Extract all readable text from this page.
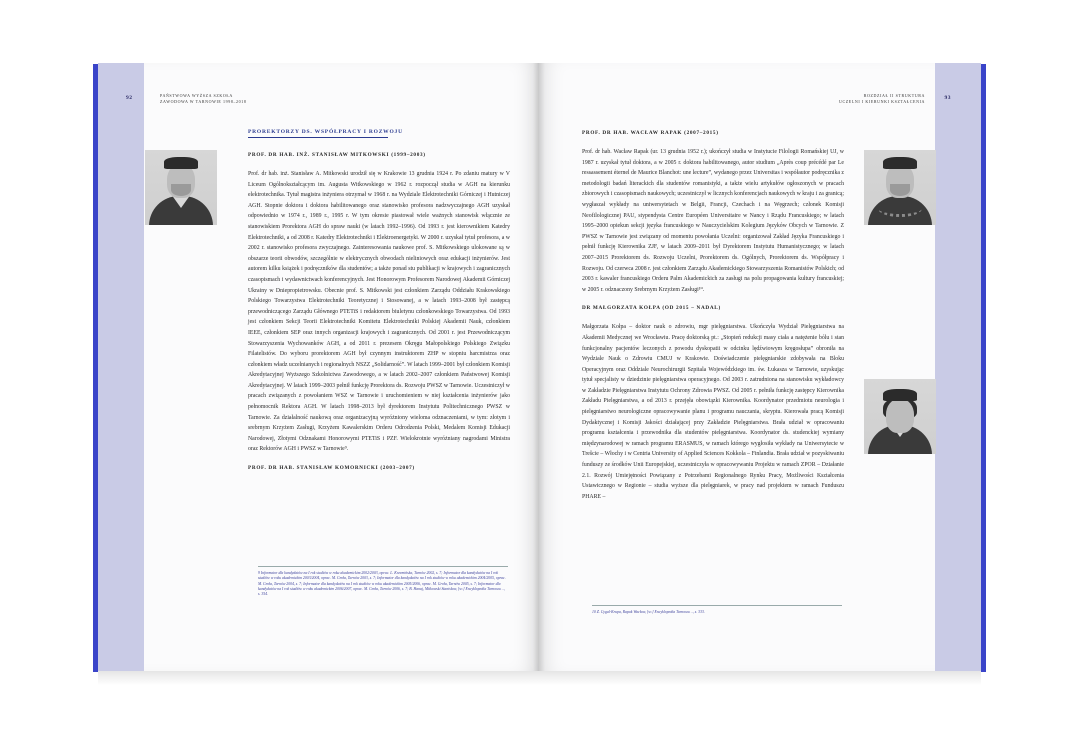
92	PAŃSTWOWA WYŻSZA SZKOŁA
ZAWODOWA W TARNOWIE 1998–2018
PROREKTORZY DS. WSPÓŁPRACY I ROZWOJU
PROF. DR HAB. INŻ. STANISŁAW MITKOWSKI (1999–2003)

Prof. dr hab. inż. Stanisław A. Mitkowski urodził się w Krakowie 13 grudnia 1924 r. Po zdaniu matury w V Liceum Ogólnokształcącym im. Augusta Witkowskiego w 1962 r. rozpoczął studia w AGH na kierunku elektrotechnika. Tytuł magistra inżyniera otrzymał w 1968 r. na Wydziale Elektrotechniki Górniczej i Hutniczej AGH. Stopnie doktora i doktora habilitowanego oraz stanowisko profesora nadzwyczajnego AGH uzyskał odpowiednio w 1974 r., 1989 r., 1995 r. W tym okresie piastował wiele ważnych stanowisk włącznie ze stanowiskiem Prorektora AGH do spraw nauki (w latach 1992–1996). Od 1993 r. jest kierownikiem Katedry Elektrotechniki, a od 2008 r. Katedry Elektrotechniki i Elektroenergetyki. W 2000 r. uzyskał tytuł profesora, a w 2002 r. stanowisko profesora zwyczajnego. Zainteresowania naukowe prof. S. Mitkowskiego ulokowane są w obszarze teorii obwodów, szczególnie w elektrycznych obwodach nieliniowych oraz edukacji inżynierów. Jest autorem kilku książek i podręczników dla studentów; a także ponad stu publikacji w krajowych i zagranicznych czasopismach i wydawnictwach konferencyjnych. Jest Honorowym Profesorem Narodowej Akademii Górniczej Ukrainy w Dniepropietrowsku. Obecnie prof. S. Mitkowski jest członkiem Zarządu Oddziału Krakowskiego Polskiego Towarzystwa Elektrotechniki Teoretycznej i Stosowanej, a w latach 1993–2008 był zastępcą przewodniczącego Zarządu Głównego PTETiS i redaktorem biuletynu członkowskiego Towarzystwa. Od 1993 jest członkiem Sekcji Teorii Elektrotechniki Komitetu Elektrotechniki Polskiej Akademii Nauk, członkiem IEEE, członkiem SEP oraz innych organizacji krajowych i zagranicznych. Od 2001 r. jest Przewodniczącym Stowarzyszenia Wychowanków AGH, a od 2011 r. prezesem Okręgu Małopolskiego Polskiego Związku Filatelistów. Do wyboru prorektorem AGH był czynnym instruktorem ZHP w stopniu harcmistrza oraz członkiem władz uczelnianych i regionalnych NSZZ „Solidarność”. W latach 1999–2001 był członkiem Komisji Akredytacyjnej Wyższego Szkolnictwa Zawodowego, a w latach 2002–2007 członkiem Państwowej Komisji Akredytacyjnej. W latach 1999–2003 pełnił funkcję Prorektora ds. Rozwoju PWSZ w Tarnowie. Uczestniczył w pracach związanych z powołaniem WSZ w Tarnowie i uruchomieniem w niej kształcenia inżynierów jako pełnomocnik Rektora AGH. W latach 1998–2013 był dyrektorem Instytutu Politechnicznego PWSZ w Tarnowie. Za działalność naukową oraz organizacyjną wyróżniony wieloma odznaczeniami, w tym: złotym i srebrnym Krzyżem Zasługi, Krzyżem Kawalerskim Orderu Odrodzenia Polski, Medalem Komisji Edukacji Narodowej, Złotymi Odznakami Honorowymi PTETiS i PZF. Wielokrotnie wyróżniany nagrodami Ministra oraz Rektorów AGH i PWSZ w Tarnowie⁹.

PROF. DR HAB. STANISŁAW KOMORNICKI (2003–2007)
9 Informator dla kandydatów na I rok studiów w roku akademickim 2002/2003, oprac. L. Krzemińska, Tarnów 2002, s. 7; Informator dla kandydatów na I rok studiów w roku akademickim 2003/2004, oprac. M. Groła, Tarnów 2003, s. 7; Informator dla kandydatów na I rok studiów w roku akademickim 2004/2005, oprac. M. Groła, Tarnów 2004, s. 7; Informator dla kandydatów na I rok studiów w roku akademickim 2005/2006, oprac. M. Groła, Tarnów 2005, s. 7; Informator dla kandydatów na I rok studiów w roku akademickim 2006/2007, oprac. M. Groła, Tarnów 2006, s. 7; B. Hanaj, Mitkowski Stanisław, [w:] Encyklopedia Tarnowa…, s. 354.
93
ROZDZIAŁ II STRUKTURA
UCZELNI I KIERUNKI KSZTAŁCENIA
PROF. DR HAB. WACŁAW RAPAK (2007–2015)

Prof. dr hab. Wacław Rapak (ur. 13 grudnia 1952 r.); ukończył studia w Instytucie Filologii Romańskiej UJ, w 1987 r. uzyskał tytuł doktora, a w 2005 r. doktora habilitowanego, autor studium „Après coup précédé par Le ressassement éternel de Maurice Blanchot: une lecture”, wydanego przez Universitas i współautor podręcznika z metodologii badań literackich dla studentów romanistyki, a także wielu artykułów ogłoszonych w pracach zbiorowych i czasopismach naukowych; uczestniczył w licznych konferencjach naukowych w kraju i za granicą; wygłaszał wykłady na uniwersytetach w Belgii, Francji, Czechach i na Węgrzech; członek Komisji Neofilologicznej PAU, stypendysta Centre Européen Universitaire w Nancy i Rządu Francuskiego; w latach 1995–2000 opiekun sekcji języka francuskiego w Nauczycielskim Kolegium Języków Obcych w Tarnowie. Z PWSZ w Tarnowie jest związany od momentu powołania Uczelni: organizował Zakład Języka Francuskiego i pełnił funkcję Kierownika ZJF, w latach 2009–2011 był Dyrektorem Instytutu Humanistycznego; w latach 2007–2015 Prorektorem ds. Rozwoju Uczelni, Prorektorem ds. Ogólnych, Prorektorem ds. Współpracy i Rozwoju. Od czerwca 2008 r. jest członkiem Zarządu Akademickiego Stowarzyszenia Romanistów Polskich; od 2003 r. kawaler francuskiego Orderu Palm Akademickich za zasługi na polu propagowania kultury francuskiej; w 2005 r. odznaczony Srebrnym Krzyżem Zasługi¹⁰.

DR MAŁGORZATA KOŁPA (OD 2015 – NADAL)

Małgorzata Kołpa – doktor nauk o zdrowiu, mgr pielęgniarstwa. Ukończyła Wydział Pielęgniarstwa na Akademii Medycznej we Wrocławiu. Pracę doktorską pt.: „Stopień redukcji masy ciała a natężenie bólu i stan funkcjonalny pacjentów leczonych z powodu dyskopatii w odcinku lędźwiowym kręgosłupa” obroniła na Wydziale Nauk o Zdrowiu CMUJ w Krakowie. Doświadczenie pielęgniarskie zdobywała na Bloku Operacyjnym oraz Oddziale Neurochirurgii Szpitala Wojewódzkiego im. św. Łukasza w Tarnowie, uzyskując tytuł specjalisty w dziedzinie pielęgniarstwa operacyjnego. Od 2003 r. zatrudniona na stanowisku wykładowcy w Zakładzie Pielęgniarstwa Instytutu Ochrony Zdrowia PWSZ. Od 2005 r. pełniła funkcję zastępcy Kierownika Zakładu Pielęgniarstwa, a od 2013 r. przejęła obowiązki Kierownika. Koordynator przedmiotu neurologia i pielęgniarstwo neurologiczne opracowywanie planu i programu nauczania, skryptu. Kierowała pracą Komisji Dydaktycznej i Komisji Jakości działającej przy Zakładzie Pielęgniarstwa. Brała udział w opracowaniu programu kształcenia i przewodnika dla studentów pielęgniarstwa. Koordynator ds. studenckiej wymiany międzynarodowej w ramach programu ERASMUS, w ramach którego wygłosiła wykłady na Uniwersytecie w Trešcie – Włochy i w Centria University of Applied Sciences Kokkola – Finlandia. Brała udział w pozyskiwaniu funduszy ze środków Unii Europejskiej, uczestniczyła w opracowywaniu Projektu w ramach ZPOR – Działanie 2.1. Rozwój Umiejętności Powiązany z Potrzebami Regionalnego Rynku Pracy, Możliwości Kształcenia Ustawicznego w Regionie – studia wyższe dla pielęgniarek, w pracy nad projektem w ramach Funduszu PHARE –

10 Z. Cygal-Krupa, Rapak Wacław, [w:] Encyklopedia Tarnowa…, s. 333.
